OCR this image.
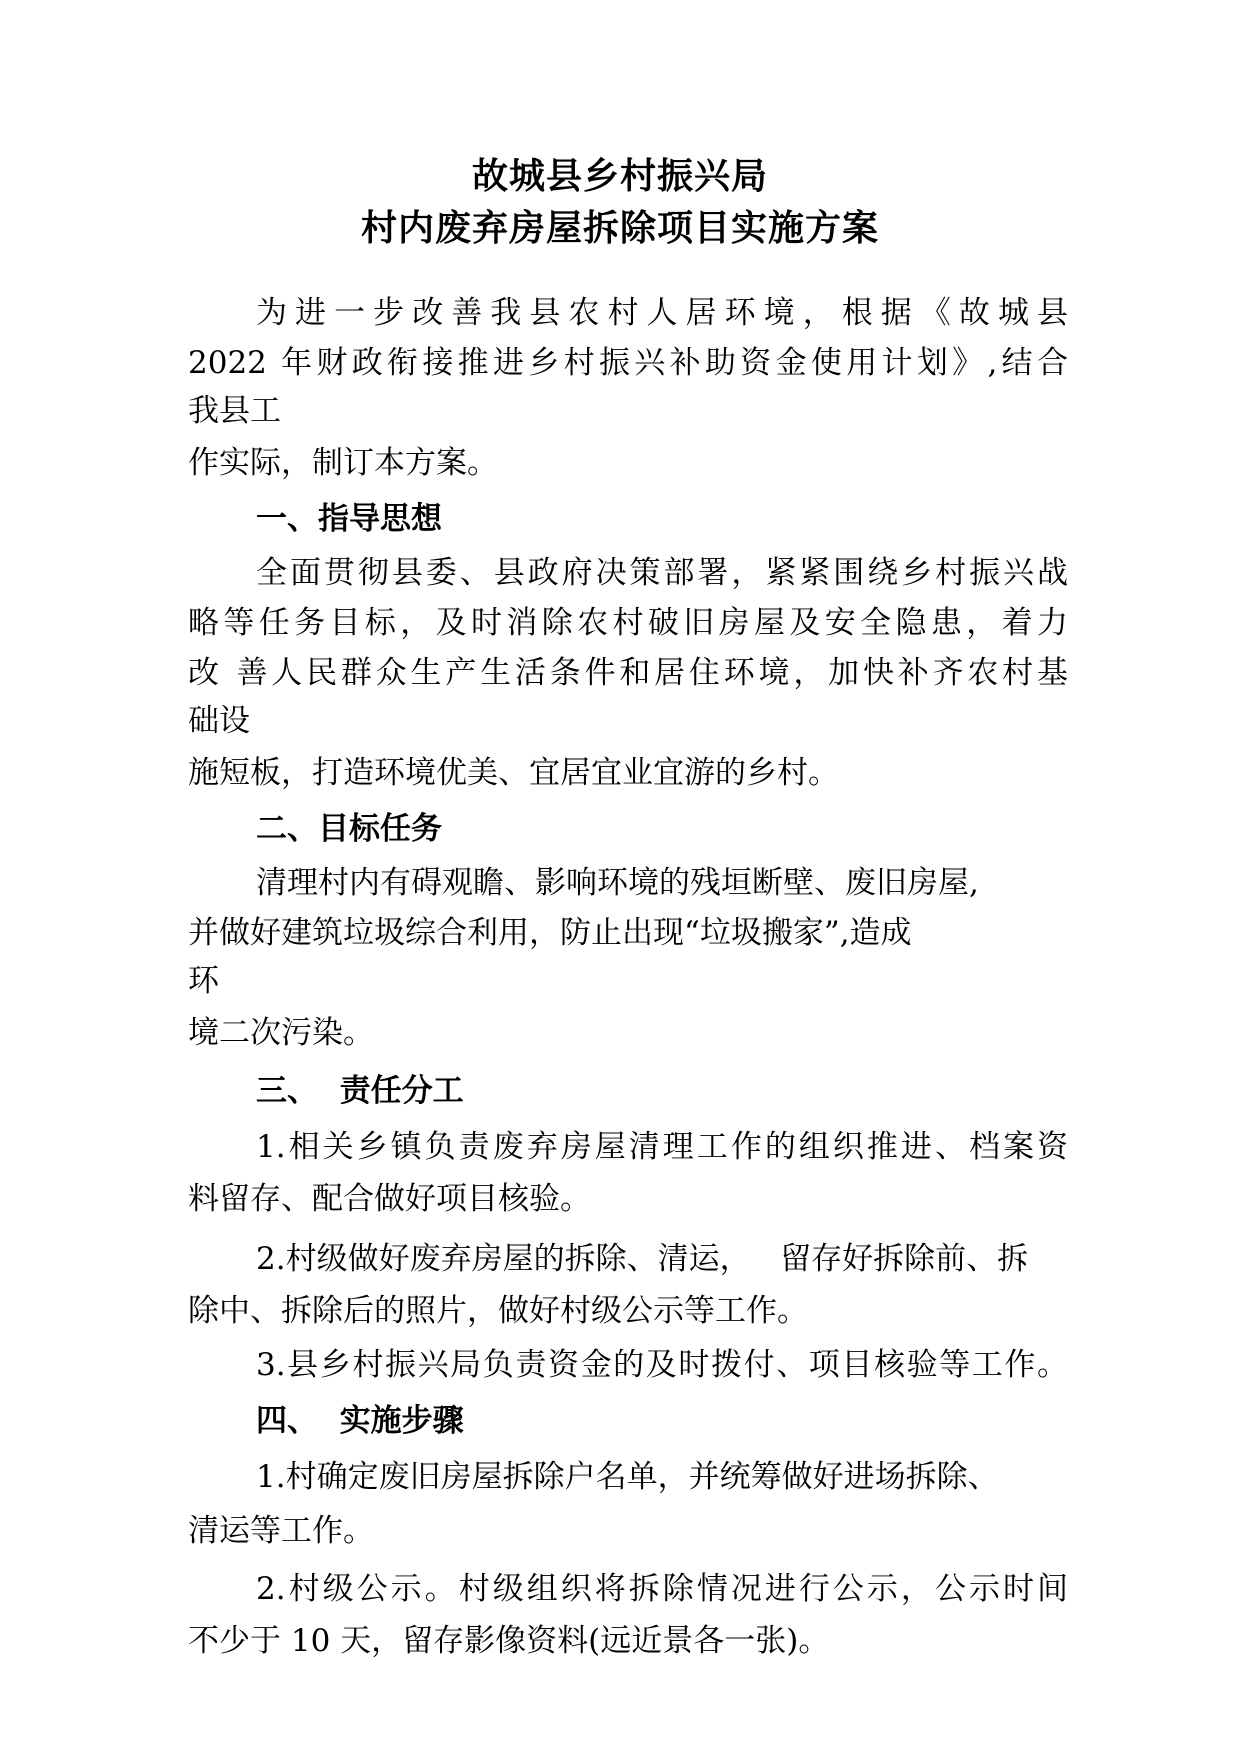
故城县乡村振兴局
村内废弃房屋拆除项目实施方案
为进一步改善我县农村人居环境，根据《故城县
2022 年财政衔接推进乡村振兴补助资金使用计划》,结合
我县工
作实际，制订本方案。
一、指导思想
全面贯彻县委、县政府决策部署，紧紧围绕乡村振兴战
略等任务目标，及时消除农村破旧房屋及安全隐患，着力
改 善人民群众生产生活条件和居住环境，加快补齐农村基
础设
施短板，打造环境优美、宜居宜业宜游的乡村。
二、目标任务
清理村内有碍观瞻、影响环境的残垣断壁、废旧房屋,
并做好建筑垃圾综合利用，防止出现“垃圾搬家”,造成
环
境二次污染。
三、  责任分工
1.相关乡镇负责废弃房屋清理工作的组织推进、档案资
料留存、配合做好项目核验。
2.村级做好废弃房屋的拆除、清运，   留存好拆除前、拆
除中、拆除后的照片，做好村级公示等工作。
3.县乡村振兴局负责资金的及时拨付、项目核验等工作。
四、  实施步骤
1.村确定废旧房屋拆除户名单，并统筹做好进场拆除、
清运等工作。
2.村级公示。村级组织将拆除情况进行公示，公示时间
不少于 10 天，留存影像资料(远近景各一张)。
